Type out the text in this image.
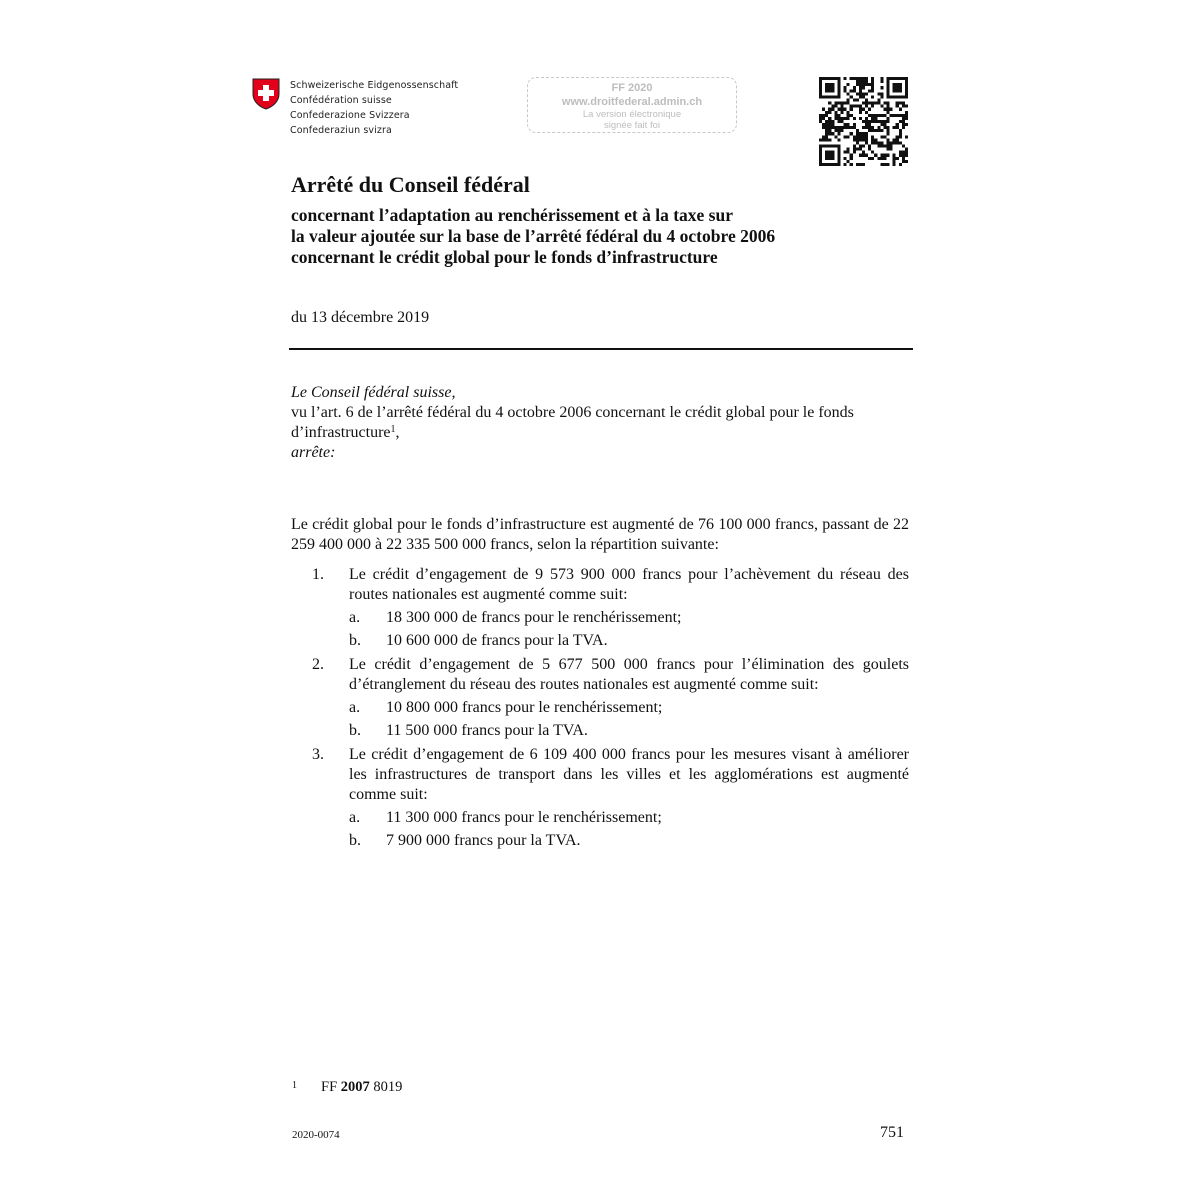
Schweizerische Eidgenossenschaft
Confédération suisse
Confederazione Svizzera
Confederaziun svizra
FF 2020
www.droitfederal.admin.ch
La version électronique
signée fait foi
Arrêté du Conseil fédéral
concernant l’adaptation au renchérissement et à la taxe sur
la valeur ajoutée sur la base de l’arrêté fédéral du 4 octobre 2006
concernant le crédit global pour le fonds d’infrastructure
du 13 décembre 2019
Le Conseil fédéral suisse,
vu l’art. 6 de l’arrêté fédéral du 4 octobre 2006 concernant le crédit global pour le fonds d’infrastructure$^1$,
arrête:
Le crédit global pour le fonds d’infrastructure est augmenté de 76 100 000 francs, passant de 22 259 400 000 à 22 335 500 000 francs, selon la répartition suivante:
1. Le crédit d’engagement de 9 573 900 000 francs pour l’achèvement du réseau des routes nationales est augmenté comme suit:
a. 18 300 000 de francs pour le renchérissement;
b. 10 600 000 de francs pour la TVA.
2. Le crédit d’engagement de 5 677 500 000 francs pour l’élimination des goulets d’étranglement du réseau des routes nationales est augmenté comme suit:
a. 10 800 000 francs pour le renchérissement;
b. 11 500 000 francs pour la TVA.
3. Le crédit d’engagement de 6 109 400 000 francs pour les mesures visant à améliorer les infrastructures de transport dans les villes et les agglomérations est augmenté comme suit:
a. 11 300 000 francs pour le renchérissement;
b. 7 900 000 francs pour la TVA.
$^1$ FF 2007 8019
2020-0074	751
